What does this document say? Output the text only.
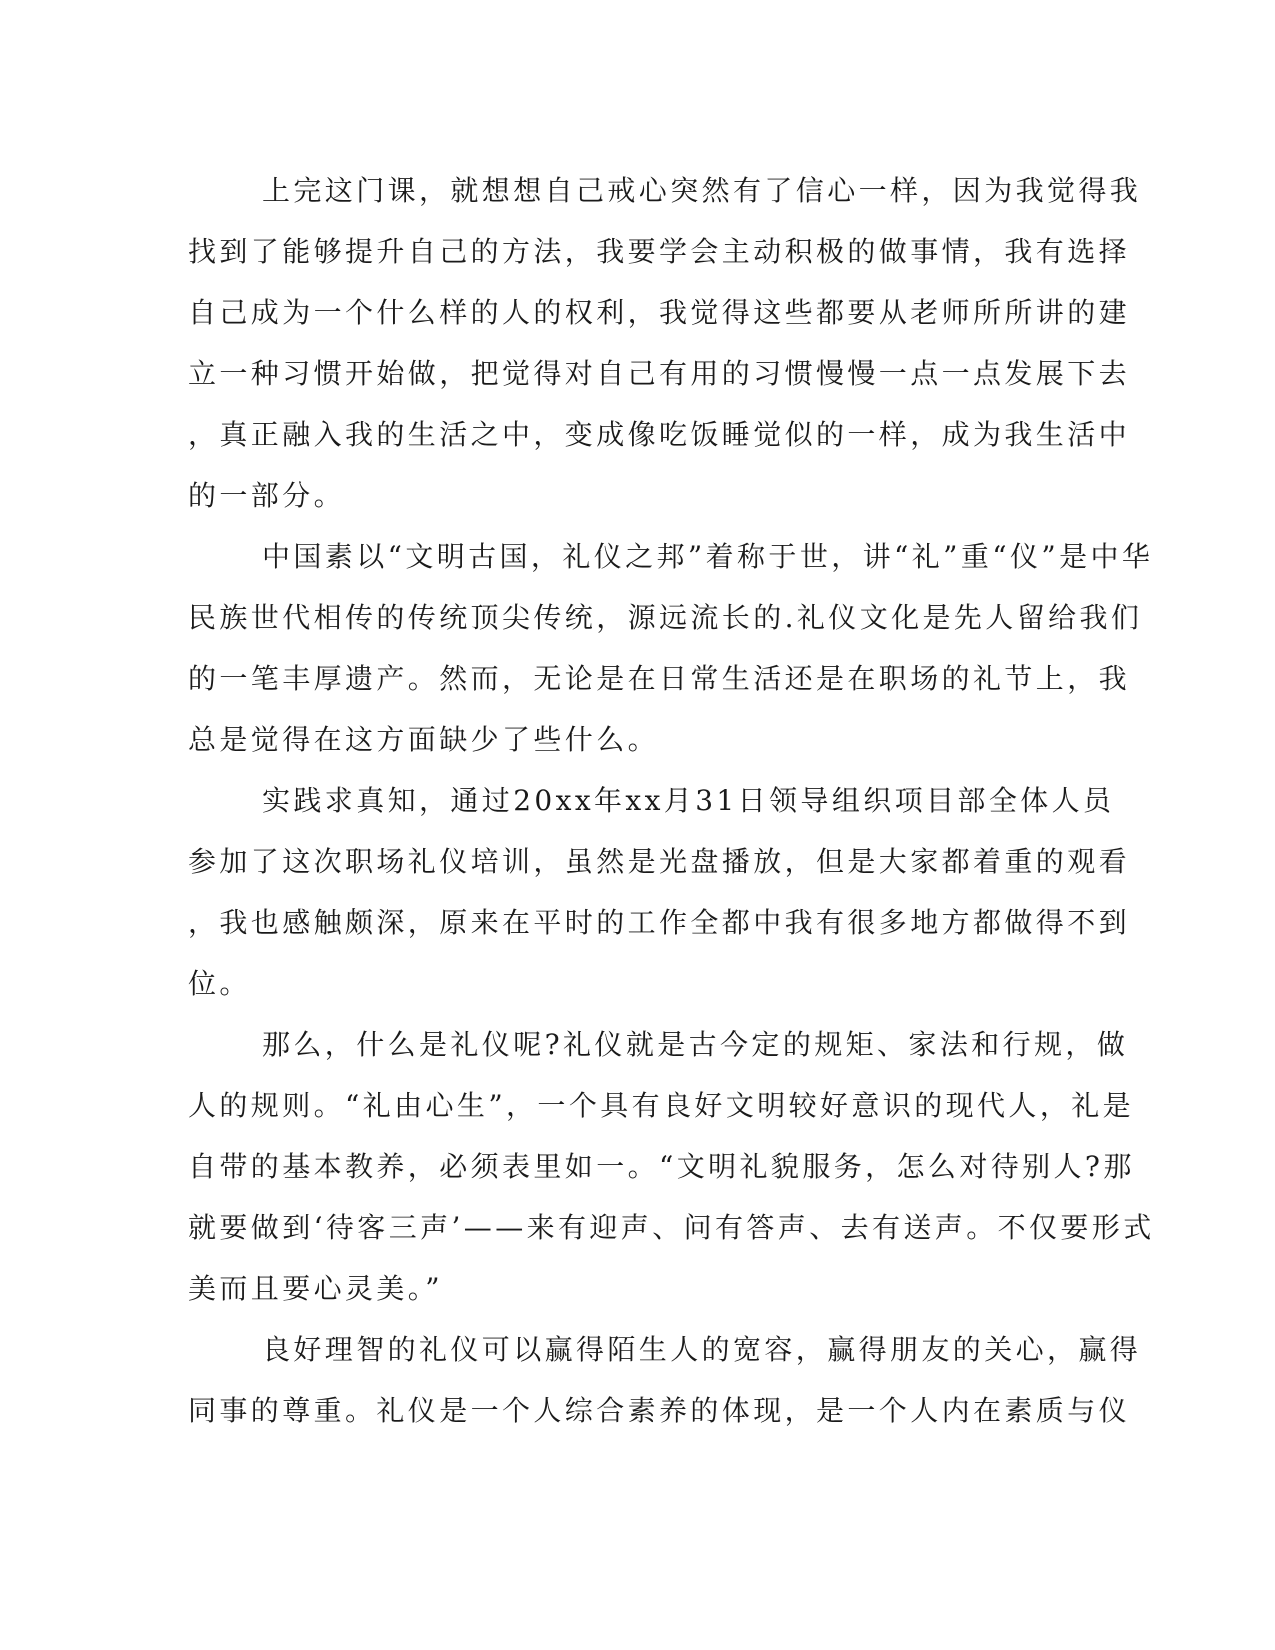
上完这门课，就想想自己戒心突然有了信心一样，因为我觉得我
找到了能够提升自己的方法，我要学会主动积极的做事情，我有选择
自己成为一个什么样的人的权利，我觉得这些都要从老师所所讲的建
立一种习惯开始做，把觉得对自己有用的习惯慢慢一点一点发展下去
，真正融入我的生活之中，变成像吃饭睡觉似的一样，成为我生活中
的一部分。
中国素以“文明古国，礼仪之邦”着称于世，讲“礼”重“仪”是中华
民族世代相传的传统顶尖传统，源远流长的.礼仪文化是先人留给我们
的一笔丰厚遗产。然而，无论是在日常生活还是在职场的礼节上，我
总是觉得在这方面缺少了些什么。
实践求真知，通过20xx年xx月31日领导组织项目部全体人员
参加了这次职场礼仪培训，虽然是光盘播放，但是大家都着重的观看
，我也感触颇深，原来在平时的工作全都中我有很多地方都做得不到
位。
那么，什么是礼仪呢?礼仪就是古今定的规矩、家法和行规，做
人的规则。“礼由心生”，一个具有良好文明较好意识的现代人，礼是
自带的基本教养，必须表里如一。“文明礼貌服务，怎么对待别人?那
就要做到‘待客三声’——来有迎声、问有答声、去有送声。不仅要形式
美而且要心灵美。”
良好理智的礼仪可以赢得陌生人的宽容，赢得朋友的关心，赢得
同事的尊重。礼仪是一个人综合素养的体现，是一个人内在素质与仪
